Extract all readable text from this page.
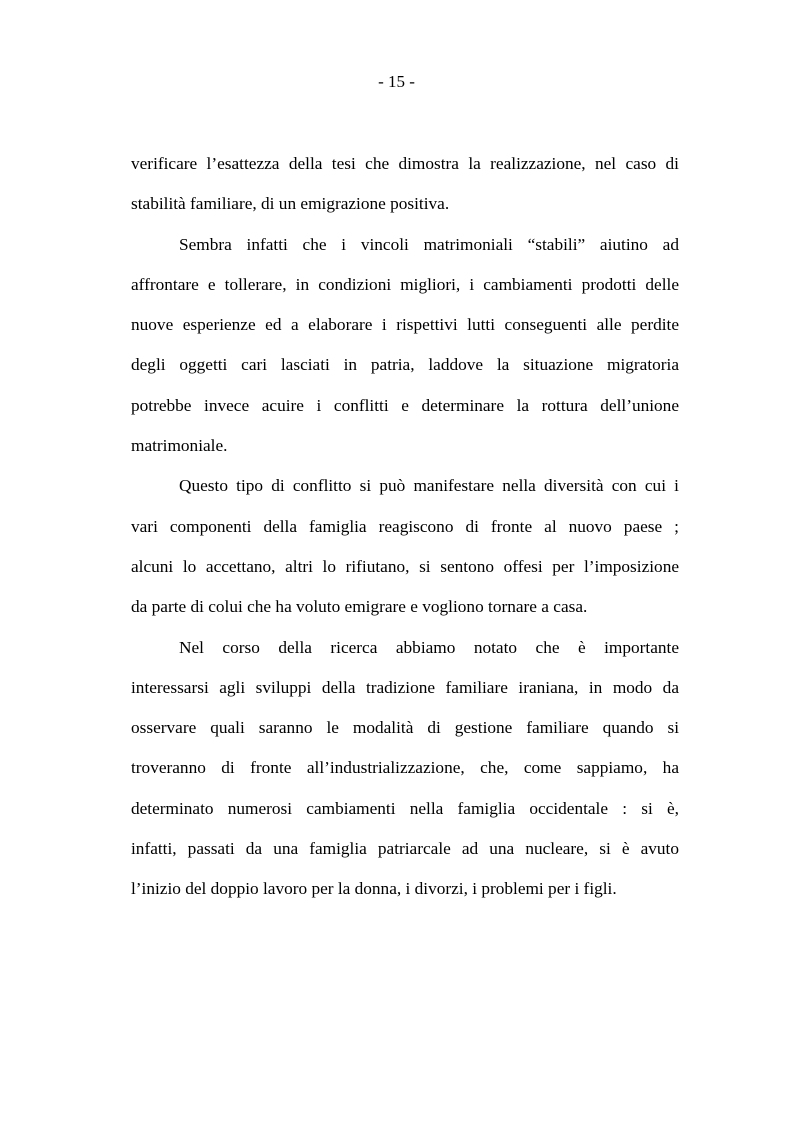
- 15 -

verificare l’esattezza della tesi che dimostra la realizzazione, nel caso di
stabilità familiare, di un emigrazione positiva.

Sembra infatti che i vincoli matrimoniali “stabili” aiutino ad
affrontare e tollerare, in condizioni migliori, i cambiamenti prodotti delle
nuove esperienze ed a elaborare i rispettivi lutti conseguenti alle perdite
degli oggetti cari lasciati in patria, laddove la situazione migratoria
potrebbe invece acuire i conflitti e determinare la rottura dell’unione
matrimoniale.

Questo tipo di conflitto si può manifestare nella diversità con cui i
vari componenti della famiglia reagiscono di fronte al nuovo paese ;
alcuni lo accettano, altri lo rifiutano, si sentono offesi per l’imposizione
da parte di colui che ha voluto emigrare e vogliono tornare a casa.

Nel corso della ricerca abbiamo notato che è importante
interessarsi agli sviluppi della tradizione familiare iraniana, in modo da
osservare quali saranno le modalità di gestione familiare quando si
troveranno di fronte all’industrializzazione, che, come sappiamo, ha
determinato numerosi cambiamenti nella famiglia occidentale : si è,
infatti, passati da una famiglia patriarcale ad una nucleare, si è avuto
l’inizio del doppio lavoro per la donna, i divorzi, i problemi per i figli.
